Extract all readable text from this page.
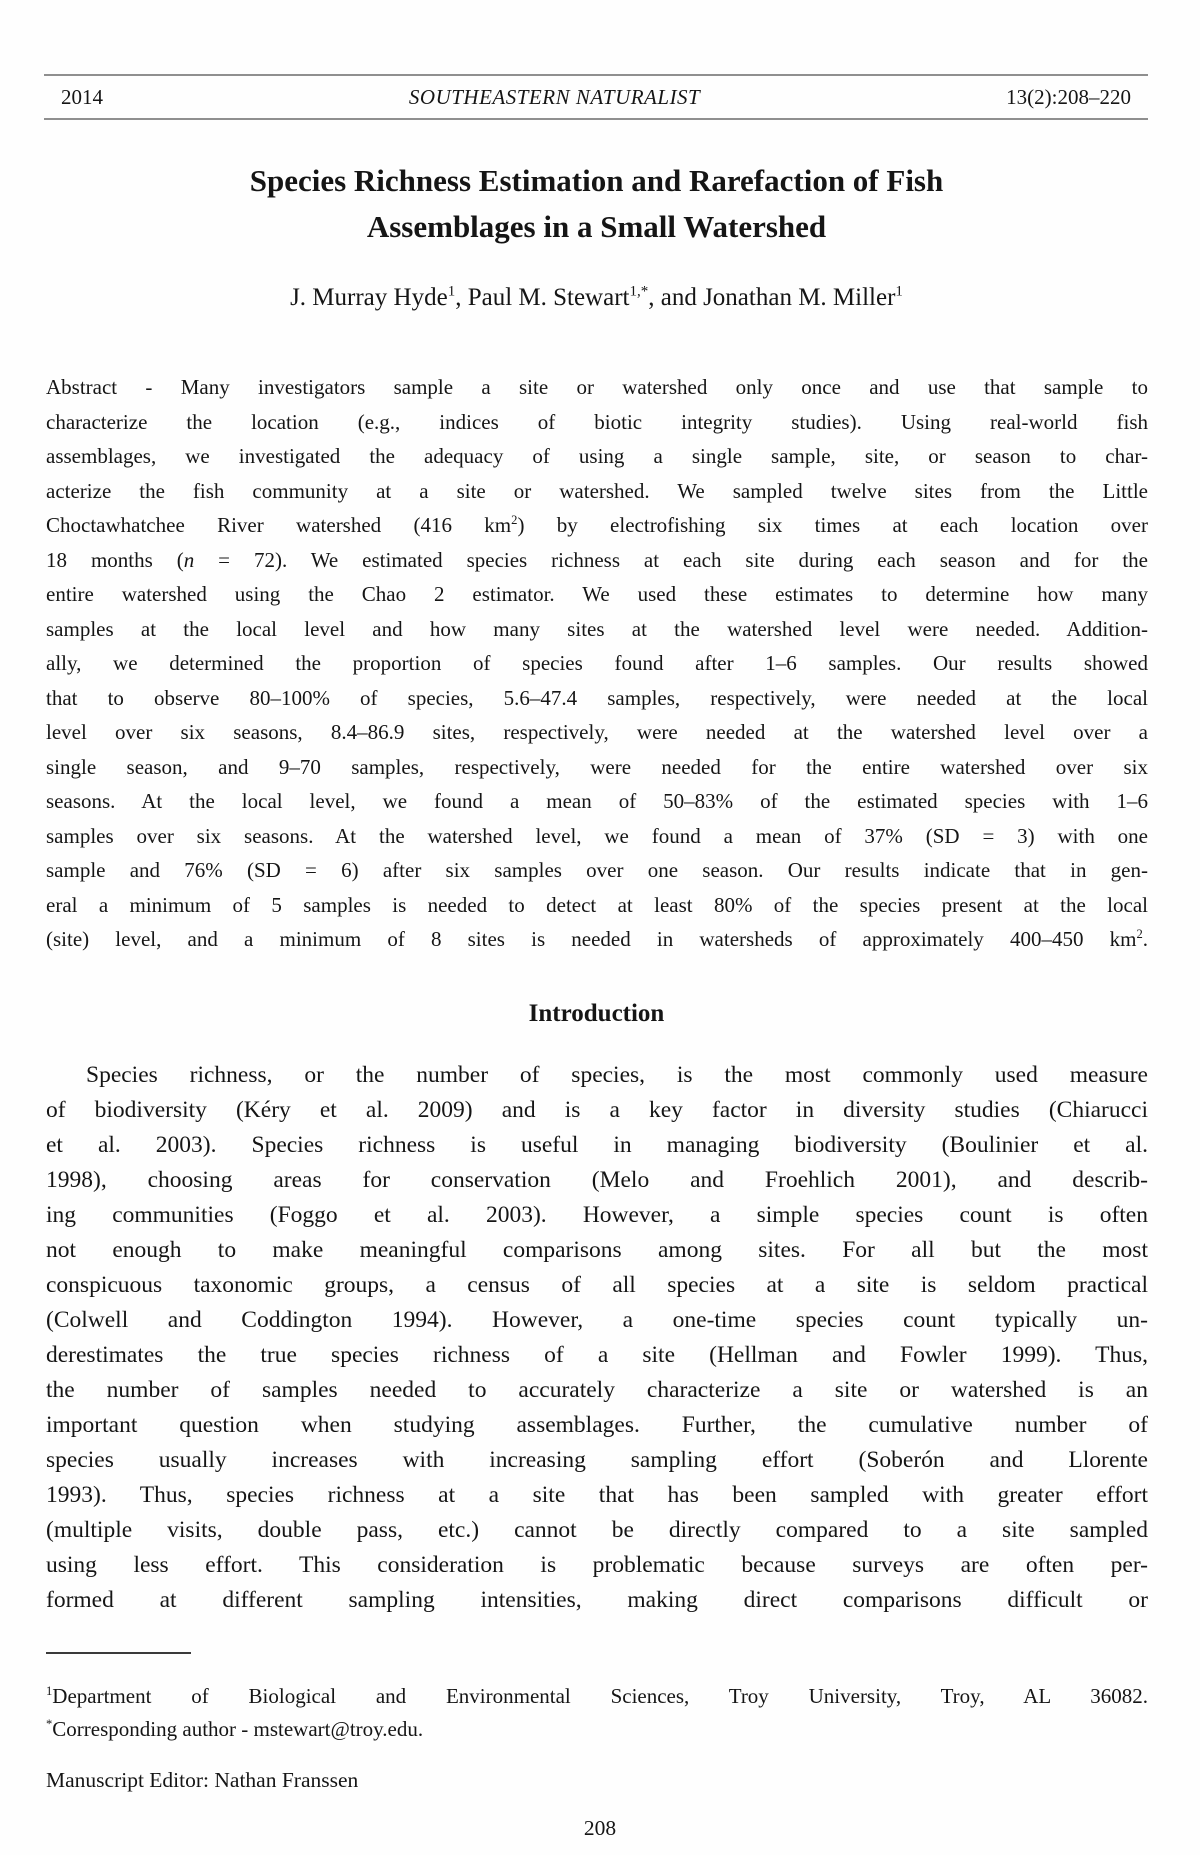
2014	SOUTHEASTERN NATURALIST	13(2):208–220
Species Richness Estimation and Rarefaction of Fish
Assemblages in a Small Watershed
J. Murray Hyde$^1$, Paul M. Stewart$^{1,*}$, and Jonathan M. Miller$^1$
Abstract - Many investigators sample a site or watershed only once and use that sample to
characterize the location (e.g., indices of biotic integrity studies). Using real-world fish
assemblages, we investigated the adequacy of using a single sample, site, or season to char-
acterize the fish community at a site or watershed. We sampled twelve sites from the Little
Choctawhatchee River watershed (416 $km^2$) by electrofishing six times at each location over
18 months (n = 72). We estimated species richness at each site during each season and for the
entire watershed using the Chao 2 estimator. We used these estimates to determine how many
samples at the local level and how many sites at the watershed level were needed. Addition-
ally, we determined the proportion of species found after 1–6 samples. Our results showed
that to observe 80–100% of species, 5.6–47.4 samples, respectively, were needed at the local
level over six seasons, 8.4–86.9 sites, respectively, were needed at the watershed level over a
single season, and 9–70 samples, respectively, were needed for the entire watershed over six
seasons. At the local level, we found a mean of 50–83% of the estimated species with 1–6
samples over six seasons. At the watershed level, we found a mean of 37% (SD = 3) with one
sample and 76% (SD = 6) after six samples over one season. Our results indicate that in gen-
eral a minimum of 5 samples is needed to detect at least 80% of the species present at the local
(site) level, and a minimum of 8 sites is needed in watersheds of approximately 400–450 $km^2$.
Introduction
Species richness, or the number of species, is the most commonly used measure
of biodiversity (Kéry et al. 2009) and is a key factor in diversity studies (Chiarucci
et al. 2003). Species richness is useful in managing biodiversity (Boulinier et al.
1998), choosing areas for conservation (Melo and Froehlich 2001), and describ-
ing communities (Foggo et al. 2003). However, a simple species count is often
not enough to make meaningful comparisons among sites. For all but the most
conspicuous taxonomic groups, a census of all species at a site is seldom practical
(Colwell and Coddington 1994). However, a one-time species count typically un-
derestimates the true species richness of a site (Hellman and Fowler 1999). Thus,
the number of samples needed to accurately characterize a site or watershed is an
important question when studying assemblages. Further, the cumulative number of
species usually increases with increasing sampling effort (Soberón and Llorente
1993). Thus, species richness at a site that has been sampled with greater effort
(multiple visits, double pass, etc.) cannot be directly compared to a site sampled
using less effort. This consideration is problematic because surveys are often per-
formed at different sampling intensities, making direct comparisons difficult or
$^1$Department of Biological and Environmental Sciences, Troy University, Troy, AL 36082.
*Corresponding author - mstewart@troy.edu.
Manuscript Editor: Nathan Franssen
208
